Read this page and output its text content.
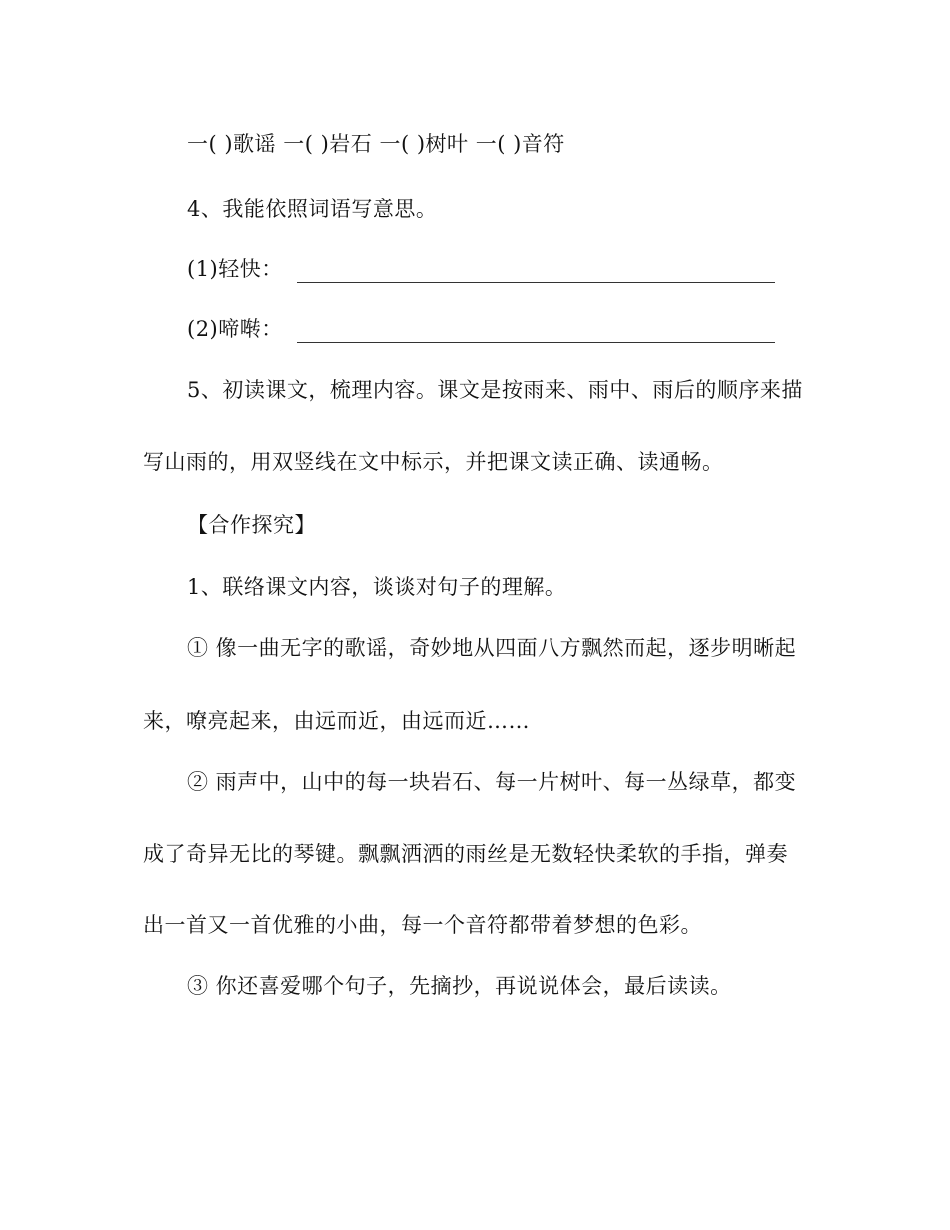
一( )歌谣 一( )岩石 一( )树叶 一( )音符
4、我能依照词语写意思。
(1)轻快：
(2)啼啭：
5、初读课文，梳理内容。课文是按雨来、雨中、雨后的顺序来描
写山雨的，用双竖线在文中标示，并把课文读正确、读通畅。
【合作探究】
1、联络课文内容，谈谈对句子的理解。
① 像一曲无字的歌谣，奇妙地从四面八方飘然而起，逐步明晰起
来，嘹亮起来，由远而近，由远而近……
② 雨声中，山中的每一块岩石、每一片树叶、每一丛绿草，都变
成了奇异无比的琴键。飘飘洒洒的雨丝是无数轻快柔软的手指，弹奏
出一首又一首优雅的小曲，每一个音符都带着梦想的色彩。
③ 你还喜爱哪个句子，先摘抄，再说说体会，最后读读。
